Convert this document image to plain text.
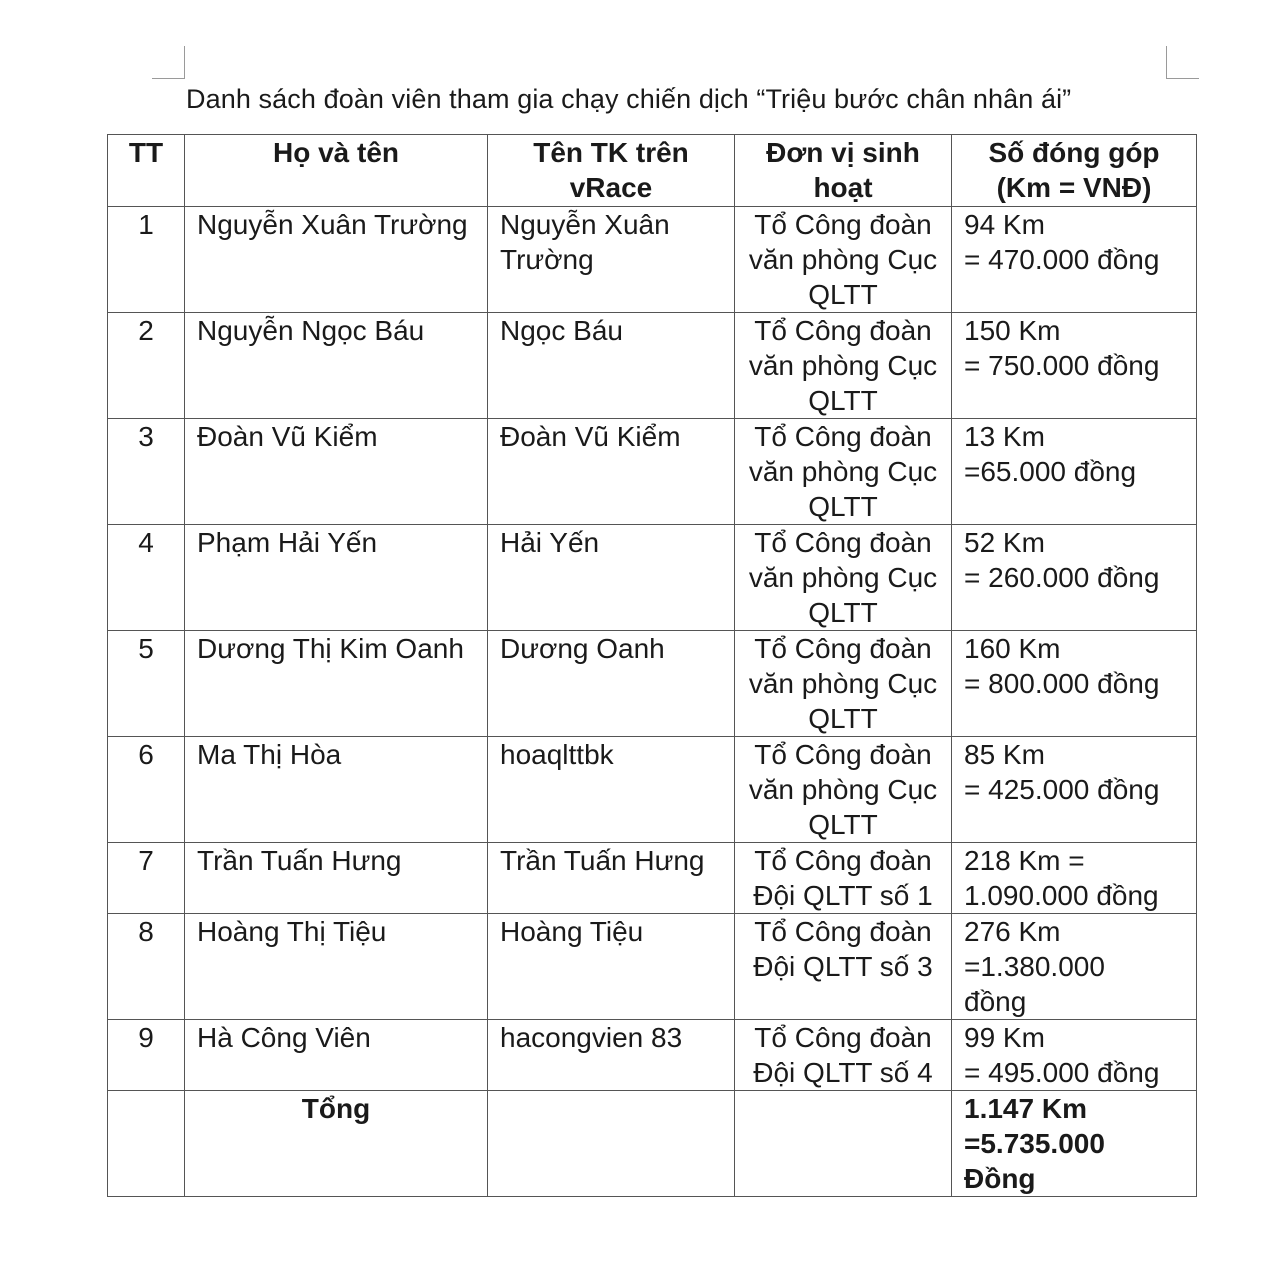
Danh sách đoàn viên tham gia chạy chiến dịch “Triệu bước chân nhân ái”
TT	Họ và tên	Tên TK trên vRace	Đơn vị sinh hoạt	Số đóng góp (Km = VNĐ)
1	Nguyễn Xuân Trường	Nguyễn Xuân Trường	Tổ Công đoàn văn phòng Cục QLTT	94 Km
= 470.000 đồng
2	Nguyễn Ngọc Báu	Ngọc Báu	Tổ Công đoàn văn phòng Cục QLTT	150 Km
= 750.000 đồng
3	Đoàn Vũ Kiểm	Đoàn Vũ Kiểm	Tổ Công đoàn văn phòng Cục QLTT	13 Km
=65.000 đồng
4	Phạm Hải Yến	Hải Yến	Tổ Công đoàn văn phòng Cục QLTT	52 Km
= 260.000 đồng
5	Dương Thị Kim Oanh	Dương Oanh	Tổ Công đoàn văn phòng Cục QLTT	160 Km
= 800.000 đồng
6	Ma Thị Hòa	hoaqlttbk	Tổ Công đoàn văn phòng Cục QLTT	85 Km
= 425.000 đồng
7	Trần Tuấn Hưng	Trần Tuấn Hưng	Tổ Công đoàn Đội QLTT số 1	218 Km =
1.090.000 đồng
8	Hoàng Thị Tiệu	Hoàng Tiệu	Tổ Công đoàn Đội QLTT số 3	276 Km
=1.380.000
đồng
9	Hà Công Viên	hacongvien 83	Tổ Công đoàn Đội QLTT số 4	99 Km
= 495.000 đồng
	Tổng			1.147 Km
=5.735.000
Đồng
